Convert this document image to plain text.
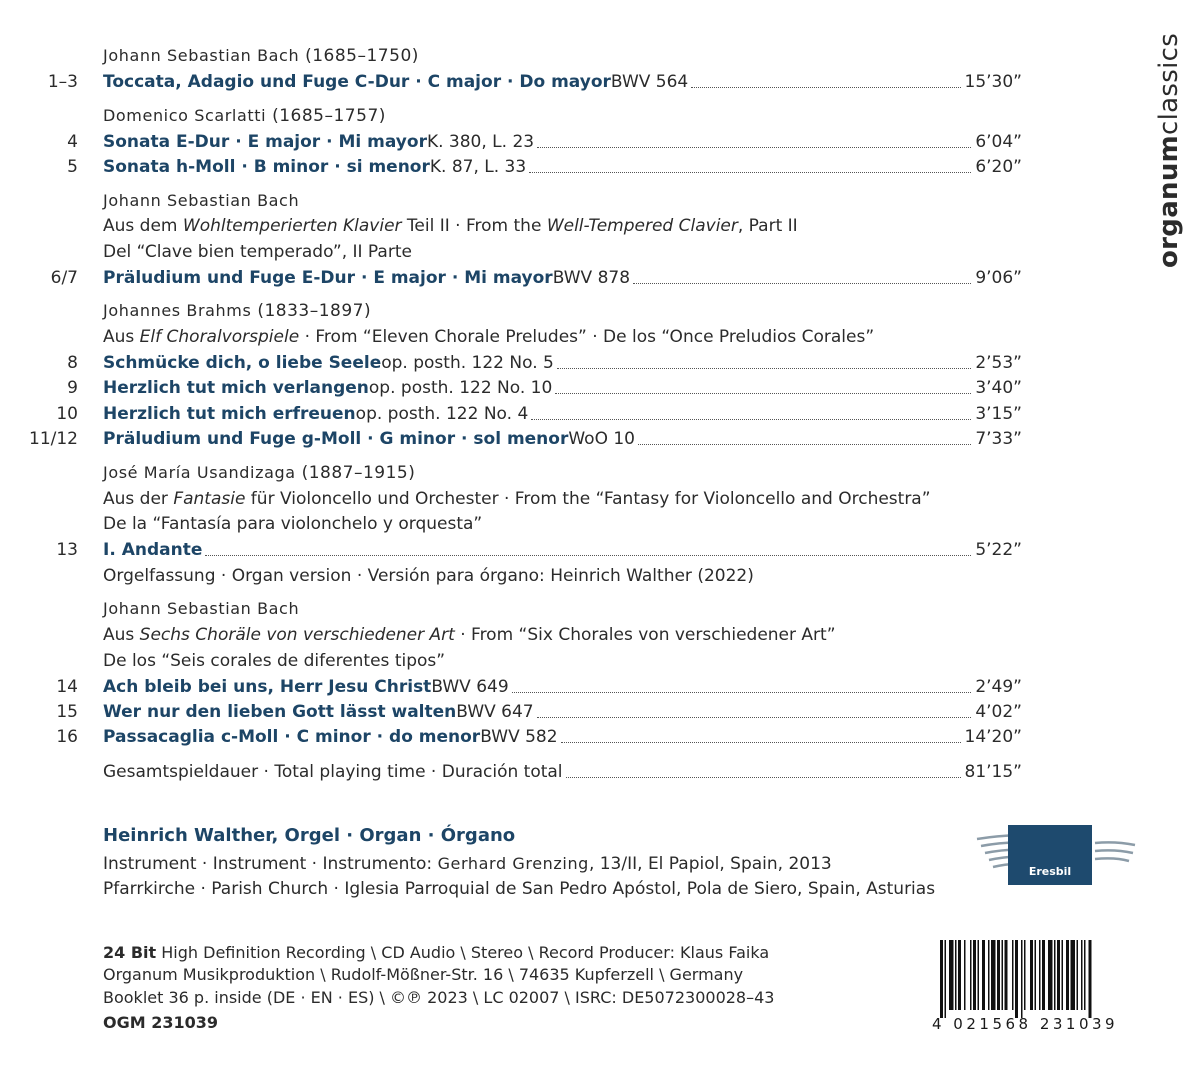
organumclassics
Johann Sebastian Bach (1685–1750)
1–3 Toccata, Adagio und Fuge C-Dur · C major · Do mayor BWV 564	15’30”
Domenico Scarlatti (1685–1757)
4 Sonata E-Dur · E major · Mi mayor K. 380, L. 23	6’04”
5 Sonata h-Moll · B minor · si menor K. 87, L. 33	6’20”
Johann Sebastian Bach
Aus dem Wohltemperierten Klavier Teil II · From the Well-Tempered Clavier, Part II
Del “Clave bien temperado”, II Parte
6/7 Präludium und Fuge E-Dur · E major · Mi mayor BWV 878	9’06”
Johannes Brahms (1833–1897)
Aus Elf Choralvorspiele · From “Eleven Chorale Preludes” · De los “Once Preludios Corales”
8 Schmücke dich, o liebe Seele op. posth. 122 No. 5	2’53”
9 Herzlich tut mich verlangen op. posth. 122 No. 10	3’40”
10 Herzlich tut mich erfreuen op. posth. 122 No. 4	3’15”
11/12 Präludium und Fuge g-Moll · G minor · sol menor WoO 10	7’33”
José María Usandizaga (1887–1915)
Aus der Fantasie für Violoncello und Orchester · From the “Fantasy for Violoncello and Orchestra”
De la “Fantasía para violonchelo y orquesta”
13 I. Andante	5’22”
Orgelfassung · Organ version · Versión para órgano: Heinrich Walther (2022)
Johann Sebastian Bach
Aus Sechs Choräle von verschiedener Art · From “Six Chorales von verschiedener Art”
De los “Seis corales de diferentes tipos”
14 Ach bleib bei uns, Herr Jesu Christ BWV 649	2’49”
15 Wer nur den lieben Gott lässt walten BWV 647	4’02”
16 Passacaglia c-Moll · C minor · do menor BWV 582	14’20”
Gesamtspieldauer · Total playing time · Duración total	81’15”
Heinrich Walther, Orgel · Organ · Órgano
Instrument · Instrument · Instrumento: Gerhard Grenzing, 13/II, El Papiol, Spain, 2013
Pfarrkirche · Parish Church · Iglesia Parroquial de San Pedro Apóstol, Pola de Siero, Spain, Asturias
Eresbil
24 Bit High Definition Recording \ CD Audio \ Stereo \ Record Producer: Klaus Faika
Organum Musikproduktion \ Rudolf-Mößner-Str. 16 \ 74635 Kupferzell \ Germany
Booklet 36 p. inside (DE · EN · ES) \ ©℗ 2023 \ LC 02007 \ ISRC: DE5072300028–43
OGM 231039	4 021568 231039
